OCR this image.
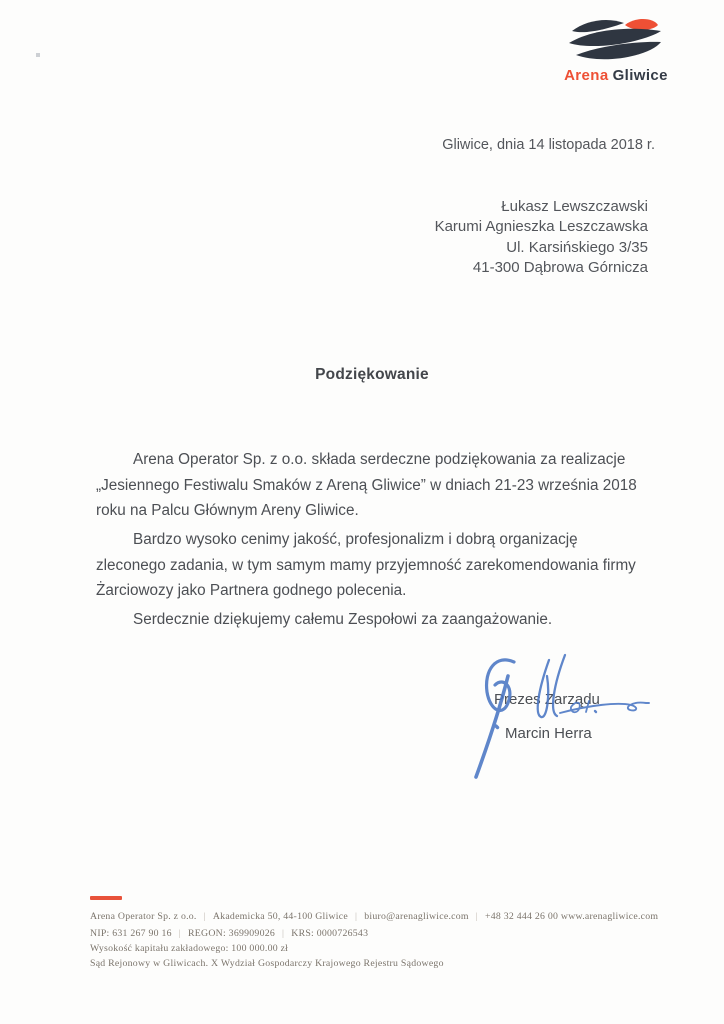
Arena Gliwice
Gliwice, dnia 14 listopada 2018 r.
Łukasz Lewszczawski
Karumi Agnieszka Leszczawska
Ul. Karsińskiego 3/35
41-300 Dąbrowa Górnicza
Podziękowanie

Arena Operator Sp. z o.o. składa serdeczne podziękowania za realizacje „Jesiennego Festiwalu Smaków z Areną Gliwice” w dniach 21-23 września 2018 roku na Palcu Głównym Areny Gliwice.

Bardzo wysoko cenimy jakość, profesjonalizm i dobrą organizację zleconego zadania, w tym samym mamy przyjemność zarekomendowania firmy Żarciowozy jako Partnera godnego polecenia.

Serdecznie dziękujemy całemu Zespołowi za zaangażowanie.

Prezes Zarządu
Marcin Herra
Arena Operator Sp. z o.o. | Akademicka 50, 44-100 Gliwice | biuro@arenagliwice.com | +48 32 444 26 00 www.arenagliwice.com
NIP: 631 267 90 16 | REGON: 369909026 | KRS: 0000726543
Wysokość kapitału zakładowego: 100 000.00 zł
Sąd Rejonowy w Gliwicach. X Wydział Gospodarczy Krajowego Rejestru Sądowego
